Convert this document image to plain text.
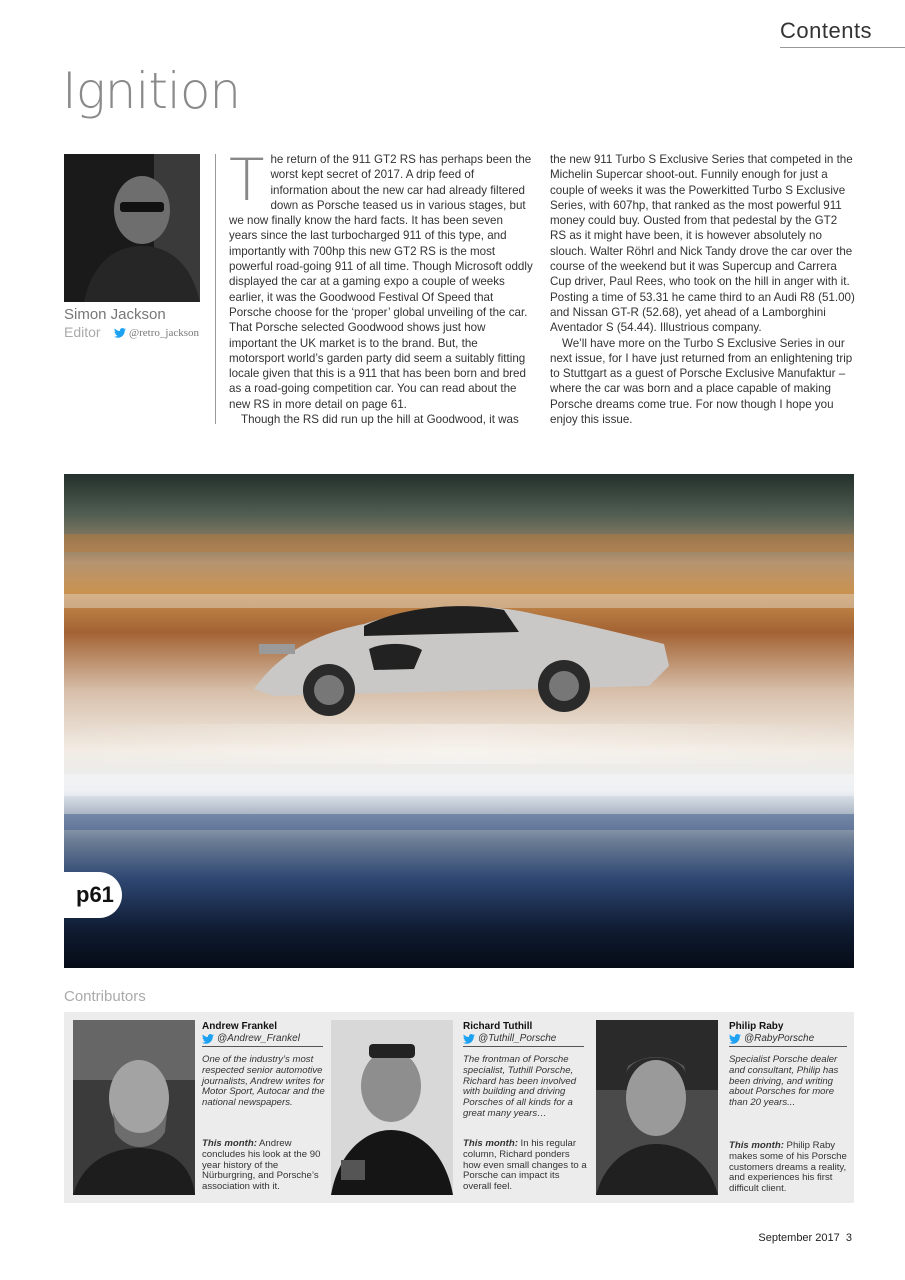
Contents
Ignition
Simon Jackson
Editor	@retro_jackson

The return of the 911 GT2 RS has perhaps been the worst kept secret of 2017. A drip feed of information about the new car had already filtered down as Porsche teased us in various stages, but we now finally know the hard facts. It has been seven years since the last turbocharged 911 of this type, and importantly with 700hp this new GT2 RS is the most powerful road-going 911 of all time. Though Microsoft oddly displayed the car at a gaming expo a couple of weeks earlier, it was the Goodwood Festival Of Speed that Porsche choose for the ‘proper’ global unveiling of the car. That Porsche selected Goodwood shows just how important the UK market is to the brand. But, the motorsport world’s garden party did seem a suitably fitting locale given that this is a 911 that has been born and bred as a road-going competition car. You can read about the new RS in more detail on page 61.

Though the RS did run up the hill at Goodwood, it was

the new 911 Turbo S Exclusive Series that competed in the Michelin Supercar shoot-out. Funnily enough for just a couple of weeks it was the Powerkitted Turbo S Exclusive Series, with 607hp, that ranked as the most powerful 911 money could buy. Ousted from that pedestal by the GT2 RS as it might have been, it is however absolutely no slouch. Walter Röhrl and Nick Tandy drove the car over the course of the weekend but it was Supercup and Carrera Cup driver, Paul Rees, who took on the hill in anger with it. Posting a time of 53.31 he came third to an Audi R8 (51.00) and Nissan GT-R (52.68), yet ahead of a Lamborghini Aventador S (54.44). Illustrious company.

We’ll have more on the Turbo S Exclusive Series in our next issue, for I have just returned from an enlightening trip to Stuttgart as a guest of Porsche Exclusive Manufaktur – where the car was born and a place capable of making Porsche dreams come true. For now though I hope you enjoy this issue.

p61
Contributors
Andrew Frankel
@Andrew_Frankel
One of the industry’s most respected senior automotive journalists, Andrew writes for Motor Sport, Autocar and the national newspapers.
This month: Andrew concludes his look at the 90 year history of the Nürburgring, and Porsche’s association with it.
Richard Tuthill
@Tuthill_Porsche
The frontman of Porsche specialist, Tuthill Porsche, Richard has been involved with building and driving Porsches of all kinds for a great many years…
This month: In his regular column, Richard ponders how even small changes to a Porsche can impact its overall feel.
Philip Raby
@RabyPorsche
Specialist Porsche dealer and consultant, Philip has been driving, and writing about Porsches for more than 20 years...
This month: Philip Raby makes some of his Porsche customers dreams a reality, and experiences his first difficult client.
September 2017 3
